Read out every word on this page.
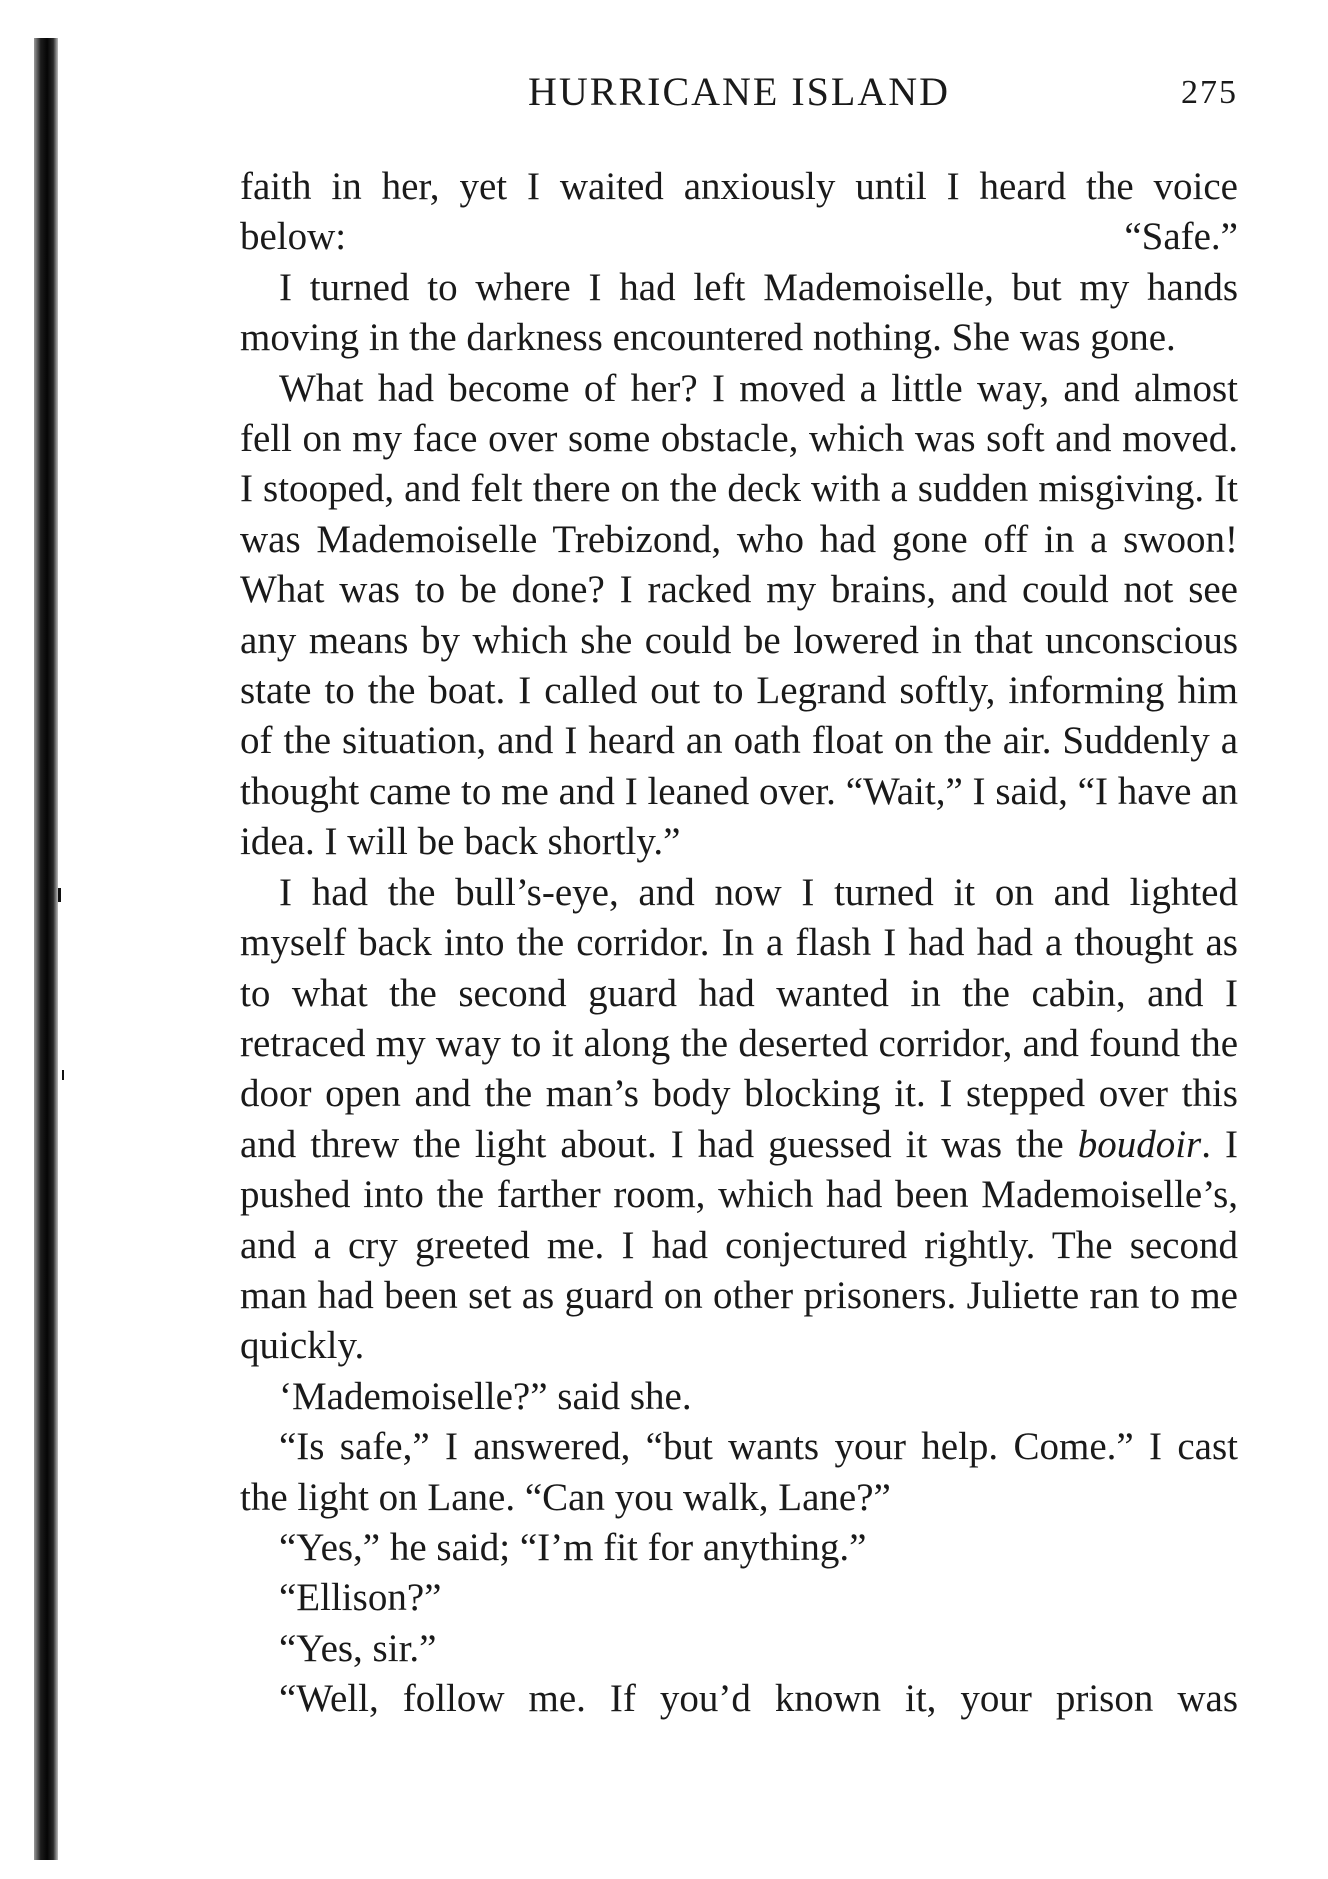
HURRICANE ISLAND	275

faith in her, yet I waited anxiously until I heard the voice below: “Safe.”

I turned to where I had left Mademoiselle, but my hands moving in the darkness encountered nothing. She was gone.

What had become of her? I moved a little way, and almost fell on my face over some obstacle, which was soft and moved. I stooped, and felt there on the deck with a sudden misgiving. It was Mademoiselle Trebizond, who had gone off in a swoon! What was to be done? I racked my brains, and could not see any means by which she could be lowered in that unconscious state to the boat. I called out to Legrand softly, informing him of the situation, and I heard an oath float on the air. Suddenly a thought came to me and I leaned over. “Wait,” I said, “I have an idea. I will be back shortly.”

I had the bull’s-eye, and now I turned it on and lighted myself back into the corridor. In a flash I had had a thought as to what the second guard had wanted in the cabin, and I retraced my way to it along the deserted corridor, and found the door open and the man’s body blocking it. I stepped over this and threw the light about. I had guessed it was the boudoir. I pushed into the farther room, which had been Mademoiselle’s, and a cry greeted me. I had conjectured rightly. The second man had been set as guard on other prisoners. Juliette ran to me quickly.

‘Mademoiselle?” said she.

“Is safe,” I answered, “but wants your help. Come.” I cast the light on Lane. “Can you walk, Lane?”

“Yes,” he said; “I’m fit for anything.”

“Ellison?”

“Yes, sir.”

“Well, follow me. If you’d known it, your prison was
